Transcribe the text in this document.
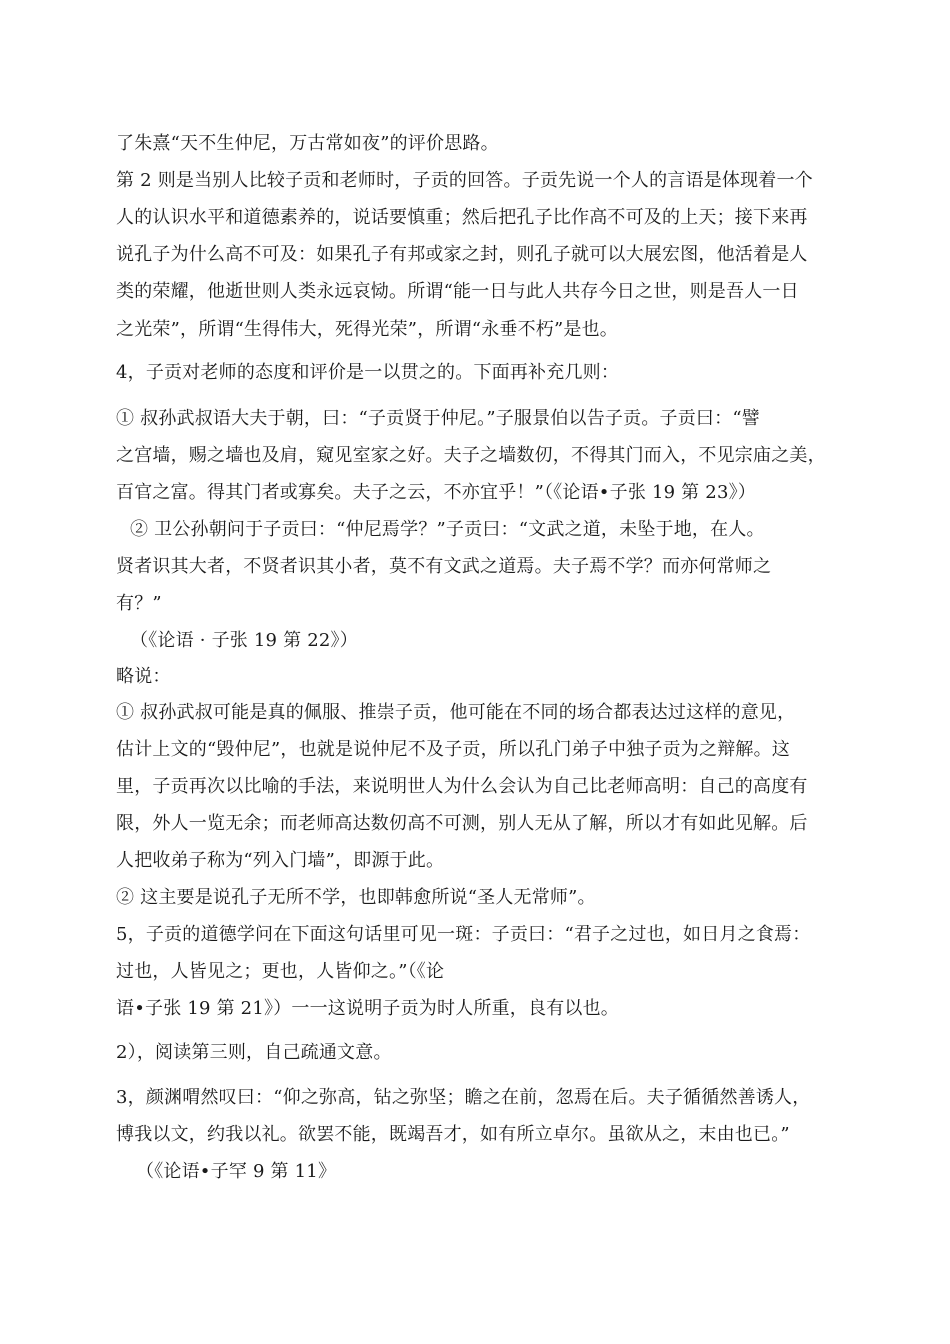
了朱熹“天不生仲尼，万古常如夜”的评价思路。
第 2 则是当别人比较子贡和老师时，子贡的回答。子贡先说一个人的言语是体现着一个
人的认识水平和道德素养的，说话要慎重；然后把孔子比作高不可及的上天；接下来再
说孔子为什么高不可及：如果孔子有邦或家之封，则孔子就可以大展宏图，他活着是人
类的荣耀，他逝世则人类永远哀恸。所谓“能一日与此人共存今日之世，则是吾人一日
之光荣”，所谓“生得伟大，死得光荣”，所谓“永垂不朽”是也。
4，子贡对老师的态度和评价是一以贯之的。下面再补充几则：
① 叔孙武叔语大夫于朝，曰：“子贡贤于仲尼。”子服景伯以告子贡。子贡曰：“譬
之宫墙，赐之墙也及肩，窥见室家之好。夫子之墙数仞，不得其门而入，不见宗庙之美，
百官之富。得其门者或寡矣。夫子之云，不亦宜乎！”（《论语•子张 19 第 23》）
② 卫公孙朝问于子贡曰：“仲尼焉学？”子贡曰：“文武之道，未坠于地，在人。
贤者识其大者，不贤者识其小者，莫不有文武之道焉。夫子焉不学？而亦何常师之
有？”
（《论语 · 子张 19 第 22》）
略说：
① 叔孙武叔可能是真的佩服、推崇子贡，他可能在不同的场合都表达过这样的意见，
估计上文的“毁仲尼”，也就是说仲尼不及子贡，所以孔门弟子中独子贡为之辩解。这
里，子贡再次以比喻的手法，来说明世人为什么会认为自己比老师高明：自己的高度有
限，外人一览无余；而老师高达数仞高不可测，别人无从了解，所以才有如此见解。后
人把收弟子称为“列入门墙”，即源于此。
② 这主要是说孔子无所不学，也即韩愈所说“圣人无常师”。
5，子贡的道德学问在下面这句话里可见一斑：子贡曰：“君子之过也，如日月之食焉：
过也，人皆见之；更也，人皆仰之。”（《论
语•子张 19 第 21》）一一这说明子贡为时人所重，良有以也。
2），阅读第三则，自己疏通文意。
3，颜渊喟然叹曰：“仰之弥高，钻之弥坚；瞻之在前，忽焉在后。夫子循循然善诱人，
博我以文，约我以礼。欲罢不能，既竭吾才，如有所立卓尔。虽欲从之，末由也已。”
（《论语•子罕 9 第 11》
